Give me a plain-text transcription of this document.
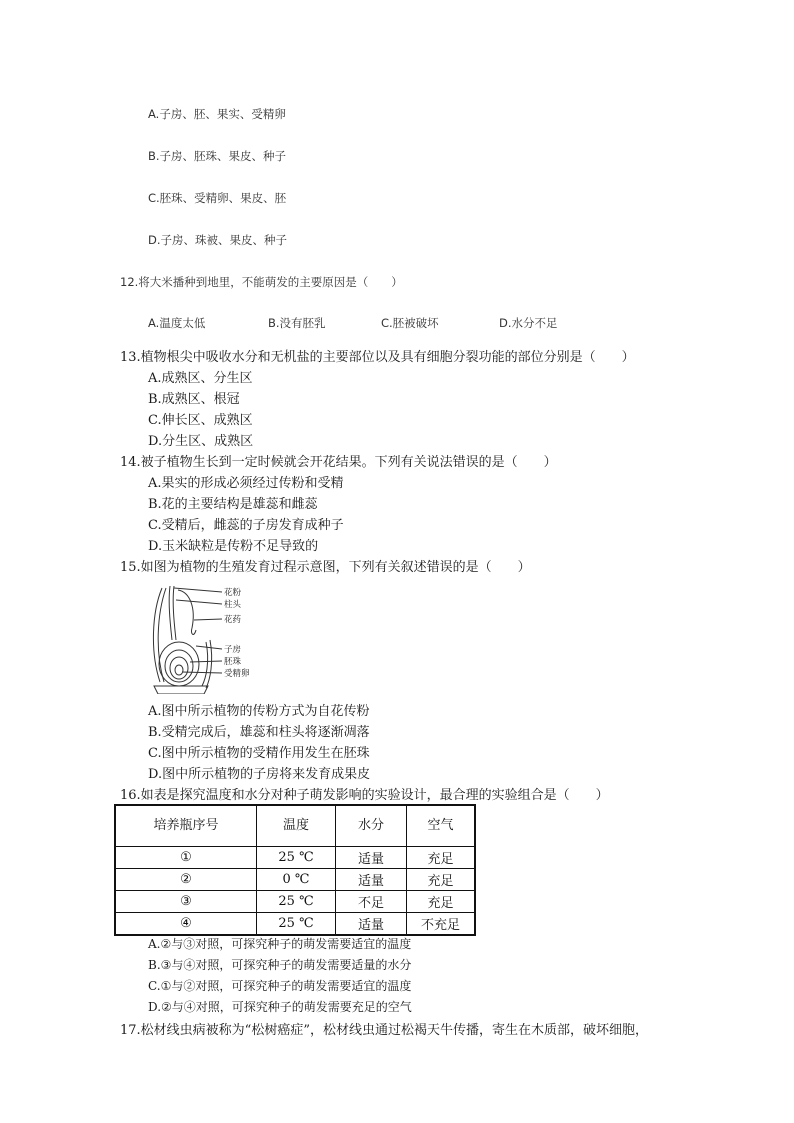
A.子房、胚、果实、受精卵
B.子房、胚珠、果皮、种子
C.胚珠、受精卵、果皮、胚
D.子房、珠被、果皮、种子
12.将大米播种到地里，不能萌发的主要原因是（　　）
A.温度太低	B.没有胚乳	C.胚被破坏	D.水分不足
13.植物根尖中吸收水分和无机盐的主要部位以及具有细胞分裂功能的部位分别是（　　）
A.成熟区、分生区
B.成熟区、根冠
C.伸长区、成熟区
D.分生区、成熟区
14.被子植物生长到一定时候就会开花结果。下列有关说法错误的是（　　）
A.果实的形成必须经过传粉和受精
B.花的主要结构是雄蕊和雌蕊
C.受精后，雌蕊的子房发育成种子
D.玉米缺粒是传粉不足导致的
15.如图为植物的生殖发育过程示意图，下列有关叙述错误的是（　　）
花粉
柱头
花药
子房
胚珠
受精卵
A.图中所示植物的传粉方式为自花传粉
B.受精完成后，雄蕊和柱头将逐渐凋落
C.图中所示植物的受精作用发生在胚珠
D.图中所示植物的子房将来发育成果皮
16.如表是探究温度和水分对种子萌发影响的实验设计，最合理的实验组合是（　　）
培养瓶序号	温度	水分	空气
①	25 ℃	适量	充足
②	0 ℃	适量	充足
③	25 ℃	不足	充足
④	25 ℃	适量	不充足
A.②与③对照，可探究种子的萌发需要适宜的温度
B.③与④对照，可探究种子的萌发需要适量的水分
C.①与②对照，可探究种子的萌发需要适宜的温度
D.②与④对照，可探究种子的萌发需要充足的空气
17.松材线虫病被称为“松树癌症”，松材线虫通过松褐天牛传播，寄生在木质部，破坏细胞，
